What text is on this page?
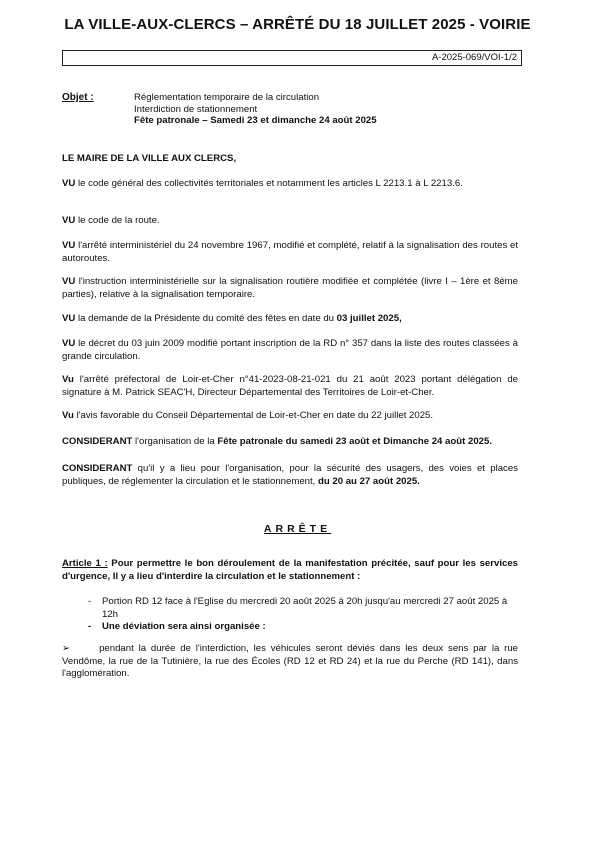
LA VILLE-AUX-CLERCS – ARRÊTÉ DU 18 JUILLET 2025 - VOIRIE
A-2025-069/VOI-1/2
Objet :	Réglementation temporaire de la circulation
Interdiction de stationnement
Fête patronale – Samedi 23 et dimanche 24 août 2025

LE MAIRE DE LA VILLE AUX CLERCS,

VU le code général des collectivités territoriales et notamment les articles L 2213.1 à L 2213.6.

VU le code de la route.

VU l'arrêté interministériel du 24 novembre 1967, modifié et complété, relatif à la signalisation des routes et autoroutes.

VU l'instruction interministérielle sur la signalisation routière modifiée et complétée (livre I – 1ère et 8ème parties), relative à la signalisation temporaire.

VU la demande de la Présidente du comité des fêtes en date du 03 juillet 2025,

VU le décret du 03 juin 2009 modifié portant inscription de la RD n° 357 dans la liste des routes classées à grande circulation.

Vu l'arrêté préfectoral de Loir-et-Cher n°41-2023-08-21-021 du 21 août 2023 portant délégation de signature à M. Patrick SEAC'H, Directeur Départemental des Territoires de Loir-et-Cher.

Vu l'avis favorable du Conseil Départemental de Loir-et-Cher en date du 22 juillet 2025.

CONSIDERANT l'organisation de la Fête patronale du samedi 23 août et Dimanche 24 août 2025.

CONSIDERANT qu'il y a lieu pour l'organisation, pour la sécurité des usagers, des voies et places publiques, de réglementer la circulation et le stationnement, du 20 au 27 août 2025.

ARRÊTE

Article 1 : Pour permettre le bon déroulement de la manifestation précitée, sauf pour les services d'urgence, Il y a lieu d'interdire la circulation et le stationnement :

- Portion RD 12 face à l'Eglise du mercredi 20 août 2025 à 20h jusqu'au mercredi 27 août 2025 à 12h

- Une déviation sera ainsi organisée :

➢	pendant la durée de l'interdiction, les véhicules seront déviés dans les deux sens par la rue Vendôme, la rue de la Tutinière, la rue des Écoles (RD 12 et RD 24) et la rue du Perche (RD 141), dans l'agglomération.
